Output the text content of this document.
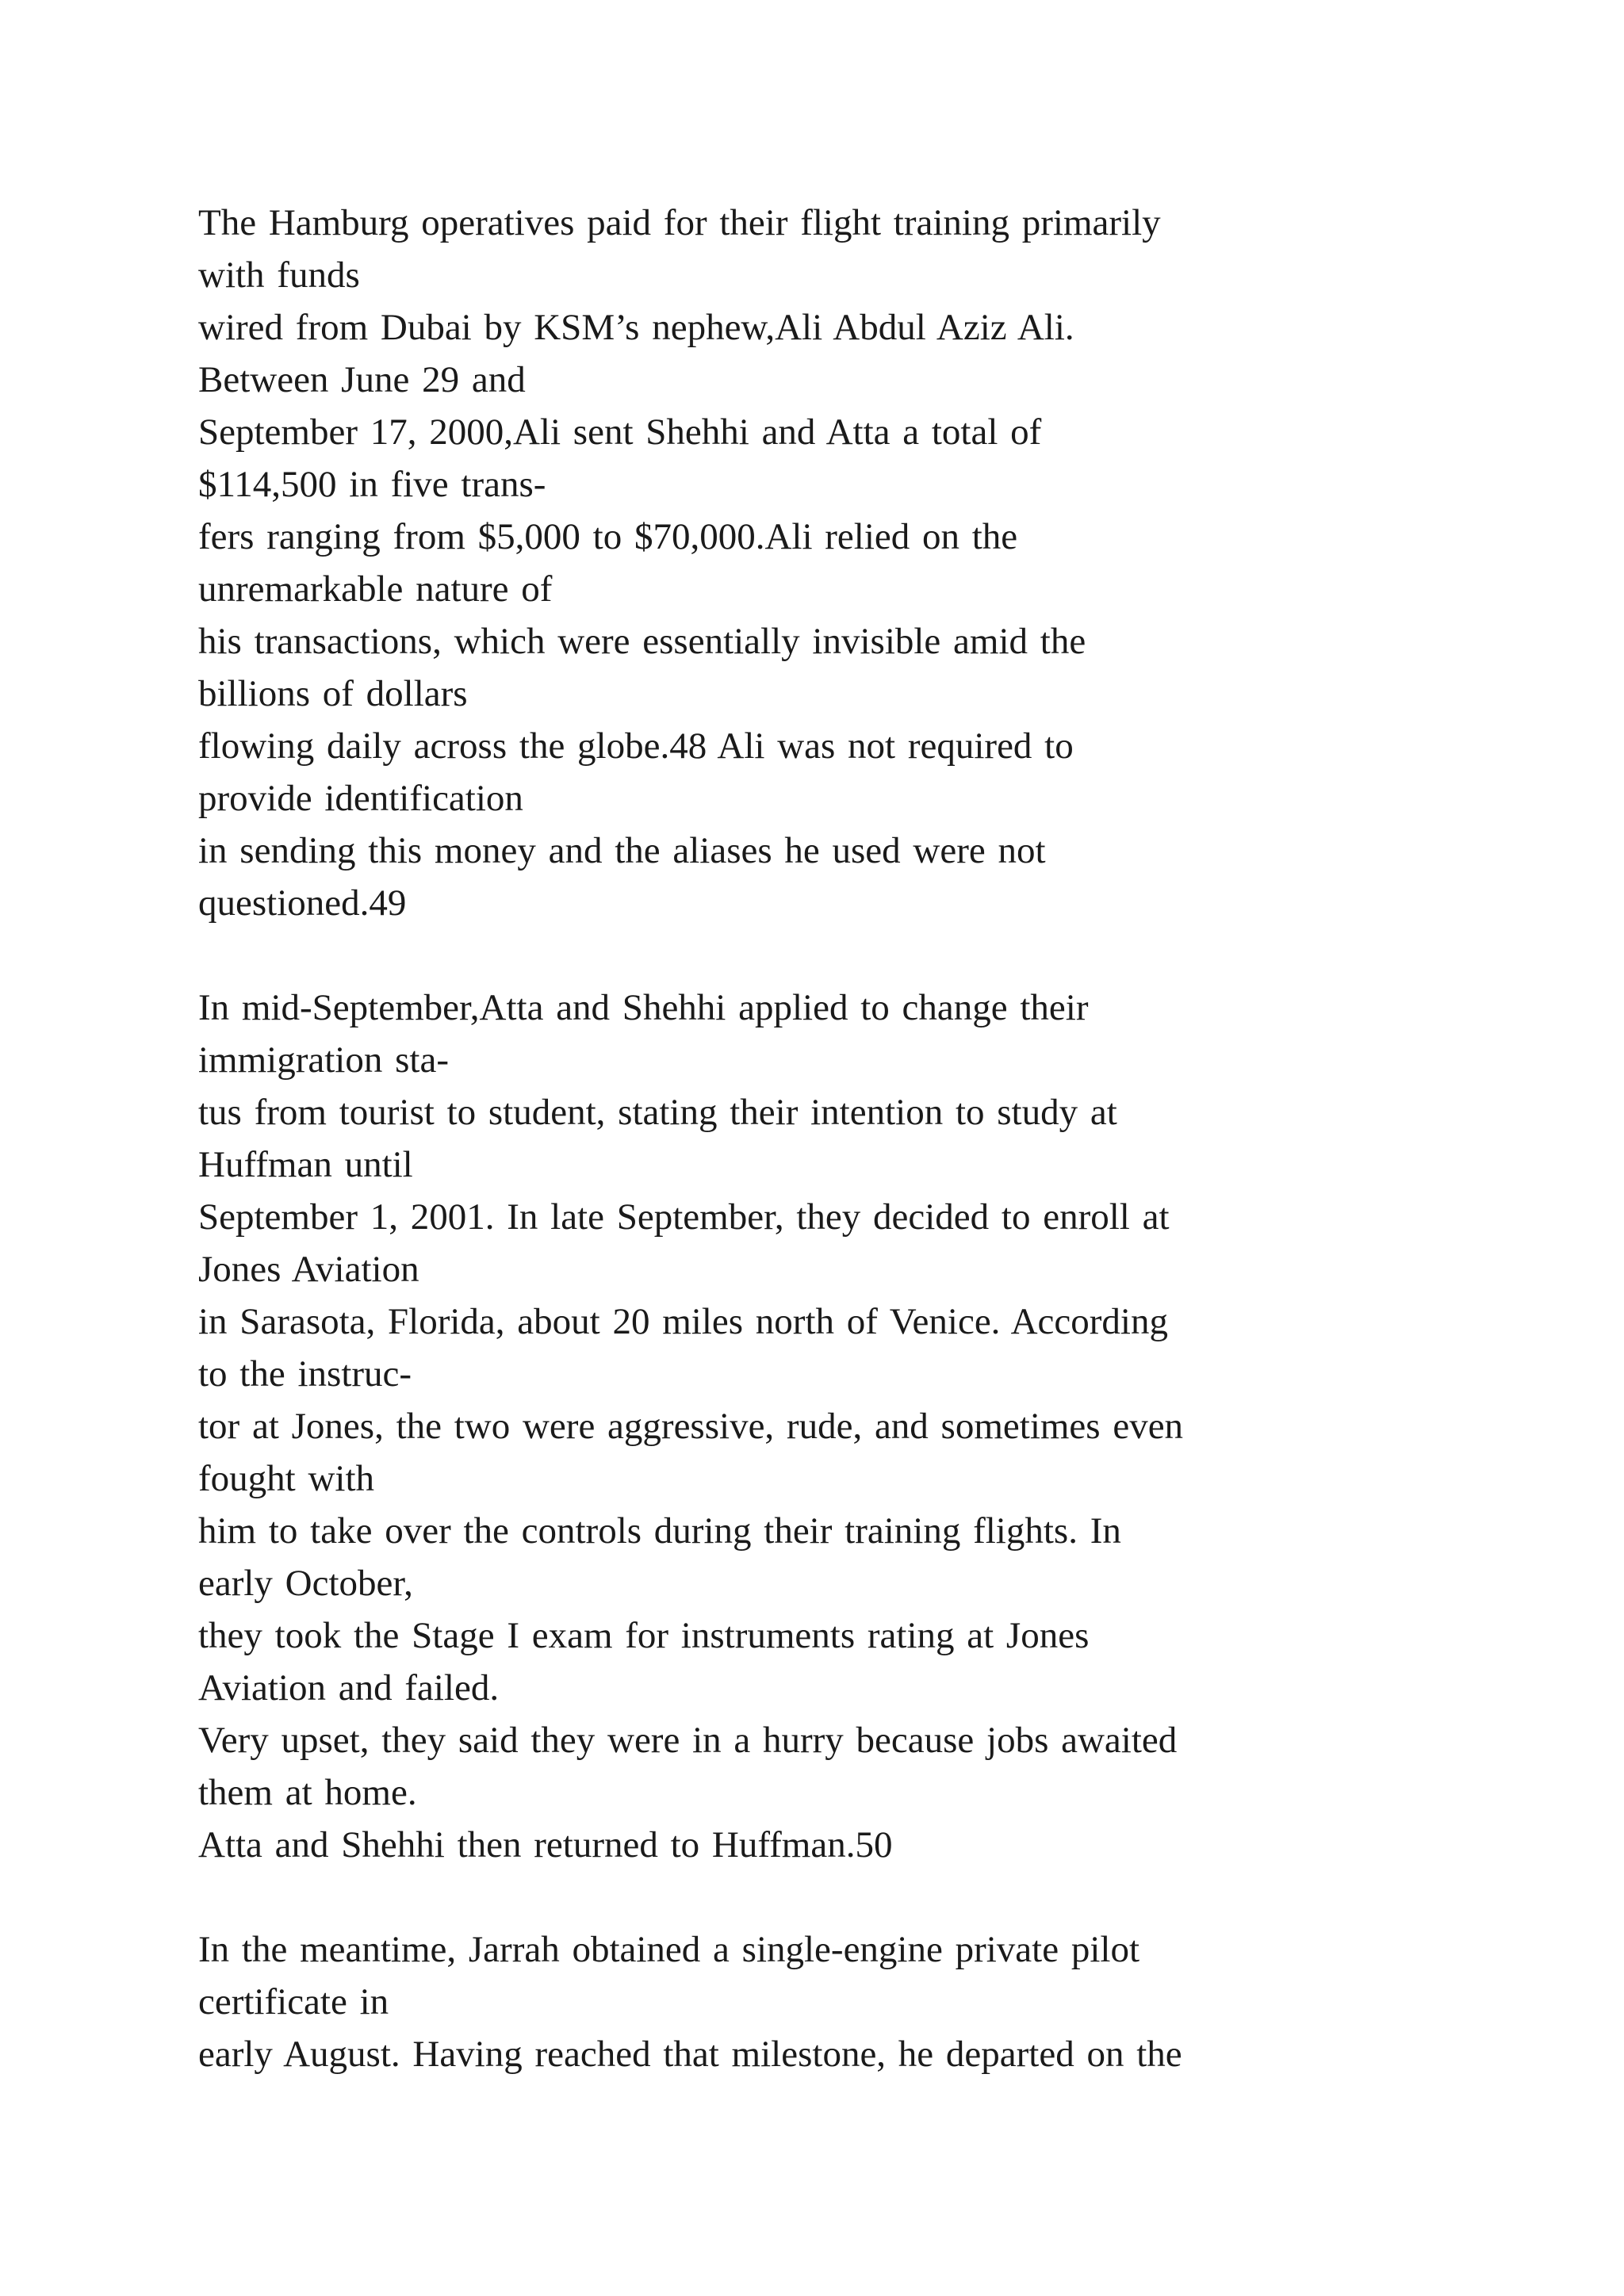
The Hamburg operatives paid for their flight training primarily
with funds
wired from Dubai by KSM’s nephew,Ali Abdul Aziz Ali.
Between June 29 and
September 17, 2000,Ali sent Shehhi and Atta a total of
$114,500 in five trans-
fers ranging from $5,000 to $70,000.Ali relied on the
unremarkable nature of
his transactions, which were essentially invisible amid the
billions of dollars
flowing daily across the globe.48 Ali was not required to
provide identification
in sending this money and the aliases he used were not
questioned.49
In mid-September,Atta and Shehhi applied to change their
immigration sta-
tus from tourist to student, stating their intention to study at
Huffman until
September 1, 2001. In late September, they decided to enroll at
Jones Aviation
in Sarasota, Florida, about 20 miles north of Venice. According
to the instruc-
tor at Jones, the two were aggressive, rude, and sometimes even
fought with
him to take over the controls during their training flights. In
early October,
they took the Stage I exam for instruments rating at Jones
Aviation and failed.
Very upset, they said they were in a hurry because jobs awaited
them at home.
Atta and Shehhi then returned to Huffman.50
In the meantime, Jarrah obtained a single-engine private pilot
certificate in
early August. Having reached that milestone, he departed on the
